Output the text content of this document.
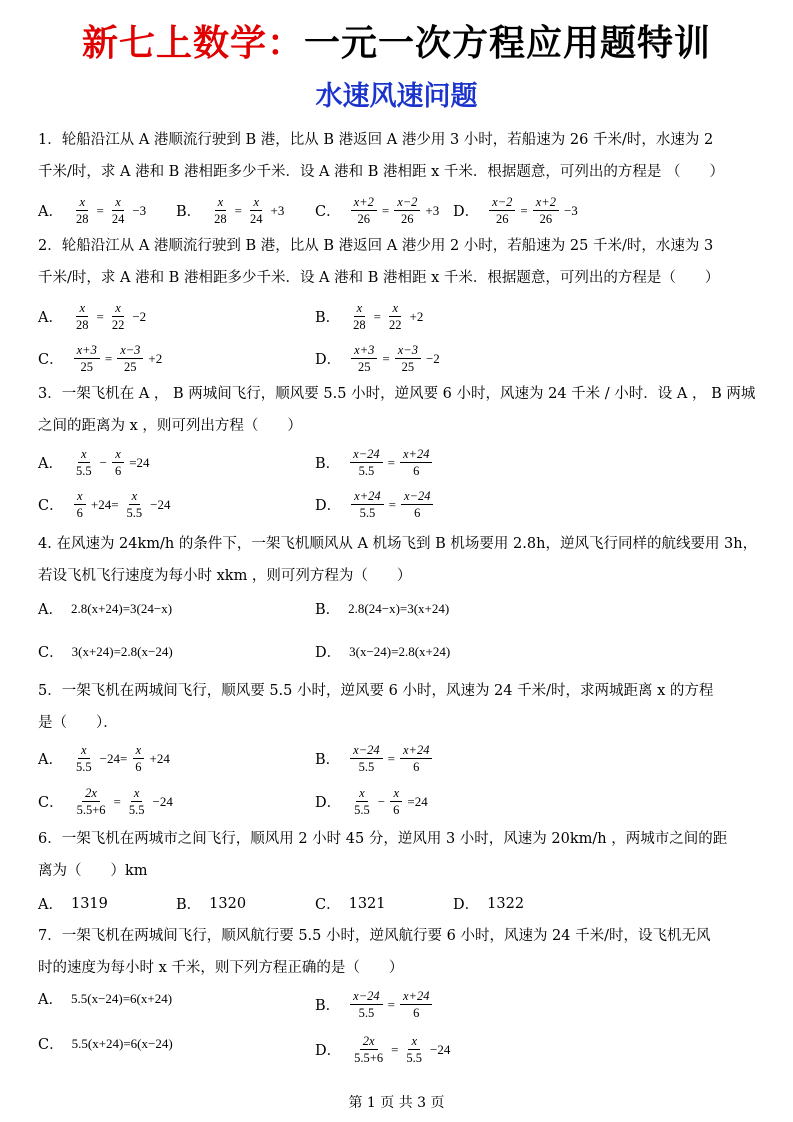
新七上数学：一元一次方程应用题特训
水速风速问题
1．轮船沿江从 A 港顺流行驶到 B 港，比从 B 港返回 A 港少用 3 小时，若船速为 26 千米/时，水速为 2
千米/时，求 A 港和 B 港相距多少千米．设 A 港和 B 港相距 x 千米．根据题意，可列出的方程是 （　　）
A． $\frac{x}{28} = \frac{x}{24} -3$ B． $\frac{x}{28} = \frac{x}{24} +3$ C． $\frac{x+2}{26} = \frac{x-2}{26} +3$ D． $\frac{x-2}{26} = \frac{x+2}{26} -3$
2．轮船沿江从 A 港顺流行驶到 B 港，比从 B 港返回 A 港少用 2 小时，若船速为 25 千米/时，水速为 3
千米/时，求 A 港和 B 港相距多少千米．设 A 港和 B 港相距 x 千米．根据题意，可列出的方程是（　　）
A． $\frac{x}{28} = \frac{x}{22} -2$	B． $\frac{x}{28} = \frac{x}{22} +2$
C． $\frac{x+3}{25} = \frac{x-3}{25} +2$	D． $\frac{x+3}{25} = \frac{x-3}{25} -2$
3．一架飞机在 A ， B 两城间飞行，顺风要 5.5 小时，逆风要 6 小时，风速为 24 千米 / 小时．设 A ， B 两城
之间的距离为 x ，则可列出方程（　　）
A． $\frac{x}{5.5} - \frac{x}{6} =24$	B． $\frac{x-24}{5.5} = \frac{x+24}{6}$
C． $\frac{x}{6} +24= \frac{x}{5.5} -24$	D． $\frac{x+24}{5.5} = \frac{x-24}{6}$
4. 在风速为 24km/h 的条件下，一架飞机顺风从 A 机场飞到 B 机场要用 2.8h，逆风飞行同样的航线要用 3h，
若设飞机飞行速度为每小时 xkm ，则可列方程为（　　）
A． 2.8(x+24)=3(24−x)	B． 2.8(24−x)=3(x+24)
C． 3(x+24)=2.8(x−24)	D． 3(x−24)=2.8(x+24)
5．一架飞机在两城间飞行，顺风要 5.5 小时，逆风要 6 小时，风速为 24 千米/时，求两城距离 x 的方程
是（　　）．
A． $\frac{x}{5.5} -24= \frac{x}{6} +24$	B． $\frac{x-24}{5.5} = \frac{x+24}{6}$
C． $\frac{2x}{5.5+6} = \frac{x}{5.5} -24$	D． $\frac{x}{5.5} - \frac{x}{6} =24$
6．一架飞机在两城市之间飞行，顺风用 2 小时 45 分，逆风用 3 小时，风速为 20km/h ，两城市之间的距
离为（　　）km
A． 1319	B． 1320	C． 1321	D． 1322
7．一架飞机在两城间飞行，顺风航行要 5.5 小时，逆风航行要 6 小时，风速为 24 千米/时，设飞机无风
时的速度为每小时 x 千米，则下列方程正确的是（　　）
A． 5.5(x−24)=6(x+24)	B． $\frac{x-24}{5.5} = \frac{x+24}{6}$
C． 5.5(x+24)=6(x−24)	D． $\frac{2x}{5.5+6} = \frac{x}{5.5} -24$
第 1 页 共 3 页
